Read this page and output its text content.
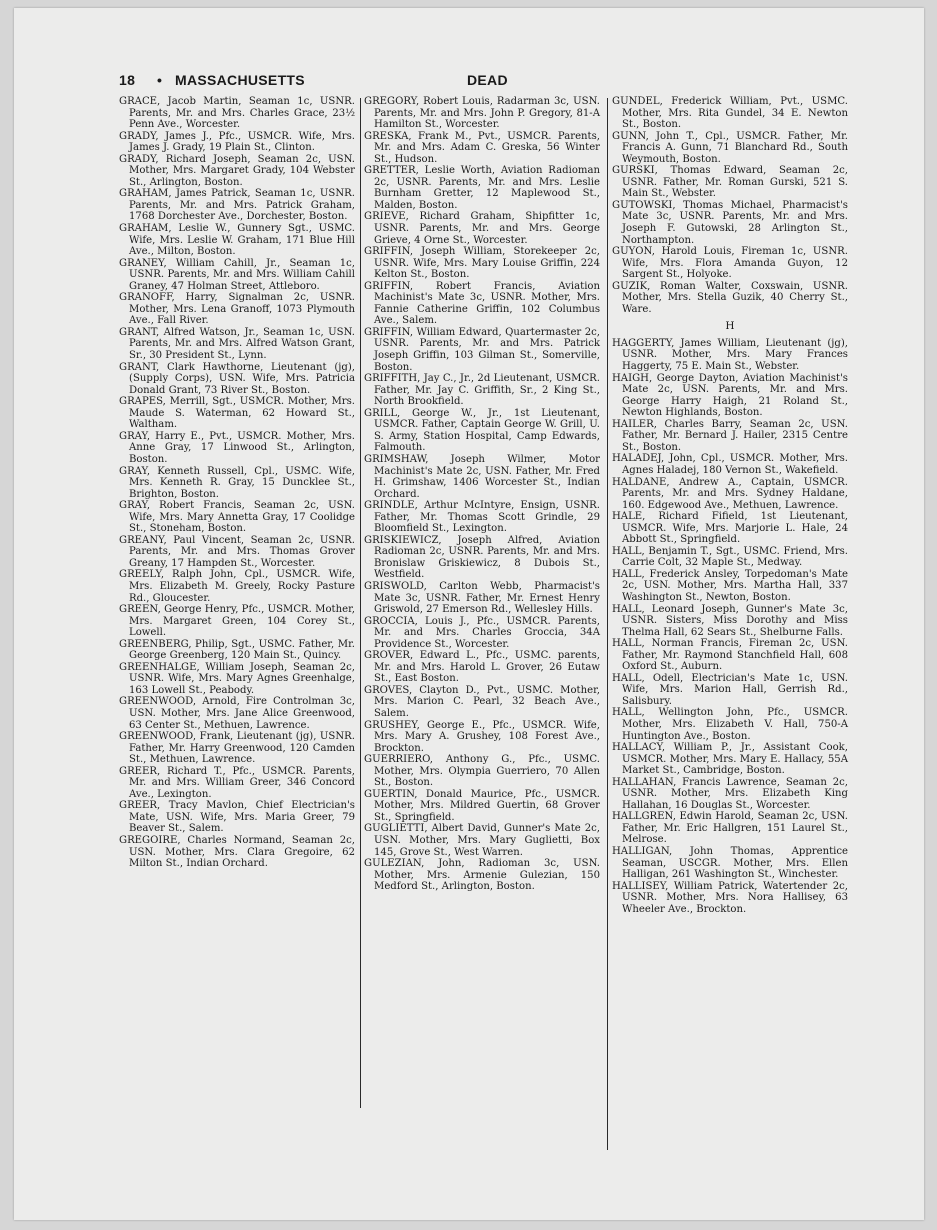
18 • MASSACHUSETTS	DEAD

GRACE, Jacob Martin, Seaman 1c, USNR. Parents, Mr. and Mrs. Charles Grace, 23½ Penn Ave., Worcester.

GRADY, James J., Pfc., USMCR. Wife, Mrs. James J. Grady, 19 Plain St., Clinton.

GRADY, Richard Joseph, Seaman 2c, USN. Mother, Mrs. Margaret Grady, 104 Webster St., Arlington, Boston.

GRAHAM, James Patrick, Seaman 1c, USNR. Parents, Mr. and Mrs. Patrick Graham, 1768 Dorchester Ave., Dorchester, Boston.

GRAHAM, Leslie W., Gunnery Sgt., USMC. Wife, Mrs. Leslie W. Graham, 171 Blue Hill Ave., Milton, Boston.

GRANEY, William Cahill, Jr., Seaman 1c, USNR. Parents, Mr. and Mrs. William Cahill Graney, 47 Holman Street, Attleboro.

GRANOFF, Harry, Signalman 2c, USNR. Mother, Mrs. Lena Granoff, 1073 Plymouth Ave., Fall River.

GRANT, Alfred Watson, Jr., Seaman 1c, USN. Parents, Mr. and Mrs. Alfred Watson Grant, Sr., 30 President St., Lynn.

GRANT, Clark Hawthorne, Lieutenant (jg), (Supply Corps), USN. Wife, Mrs. Patricia Donald Grant, 73 River St., Boston.

GRAPES, Merrill, Sgt., USMCR. Mother, Mrs. Maude S. Waterman, 62 Howard St., Waltham.

GRAY, Harry E., Pvt., USMCR. Mother, Mrs. Anne Gray, 17 Linwood St., Arlington, Boston.

GRAY, Kenneth Russell, Cpl., USMC. Wife, Mrs. Kenneth R. Gray, 15 Duncklee St., Brighton, Boston.

GRAY, Robert Francis, Seaman 2c, USN. Wife, Mrs. Mary Annetta Gray, 17 Coolidge St., Stoneham, Boston.

GREANY, Paul Vincent, Seaman 2c, USNR. Parents, Mr. and Mrs. Thomas Grover Greany, 17 Hampden St., Worcester.

GREELY, Ralph John, Cpl., USMCR. Wife, Mrs. Elizabeth M. Greely, Rocky Pasture Rd., Gloucester.

GREEN, George Henry, Pfc., USMCR. Mother, Mrs. Margaret Green, 104 Corey St., Lowell.

GREENBERG, Philip, Sgt., USMC. Father, Mr. George Greenberg, 120 Main St., Quincy.

GREENHALGE, William Joseph, Seaman 2c, USNR. Wife, Mrs. Mary Agnes Greenhalge, 163 Lowell St., Peabody.

GREENWOOD, Arnold, Fire Controlman 3c, USN. Mother, Mrs. Jane Alice Greenwood, 63 Center St., Methuen, Lawrence.

GREENWOOD, Frank, Lieutenant (jg), USNR. Father, Mr. Harry Greenwood, 120 Camden St., Methuen, Lawrence.

GREER, Richard T., Pfc., USMCR. Parents, Mr. and Mrs. William Greer, 346 Concord Ave., Lexington.

GREER, Tracy Mavlon, Chief Electrician's Mate, USN. Wife, Mrs. Maria Greer, 79 Beaver St., Salem.

GREGOIRE, Charles Normand, Seaman 2c, USN. Mother, Mrs. Clara Gregoire, 62 Milton St., Indian Orchard.

GREGORY, Robert Louis, Radarman 3c, USN. Parents, Mr. and Mrs. John P. Gregory, 81-A Hamilton St., Worcester.

GRESKA, Frank M., Pvt., USMCR. Parents, Mr. and Mrs. Adam C. Greska, 56 Winter St., Hudson.

GRETTER, Leslie Worth, Aviation Radioman 2c, USNR. Parents, Mr. and Mrs. Leslie Burnham Gretter, 12 Maplewood St., Malden, Boston.

GRIEVE, Richard Graham, Shipfitter 1c, USNR. Parents, Mr. and Mrs. George Grieve, 4 Orne St., Worcester.

GRIFFIN, Joseph William, Storekeeper 2c, USNR. Wife, Mrs. Mary Louise Griffin, 224 Kelton St., Boston.

GRIFFIN, Robert Francis, Aviation Machinist's Mate 3c, USNR. Mother, Mrs. Fannie Catherine Griffin, 102 Columbus Ave., Salem.

GRIFFIN, William Edward, Quartermaster 2c, USNR. Parents, Mr. and Mrs. Patrick Joseph Griffin, 103 Gilman St., Somerville, Boston.

GRIFFITH, Jay C., Jr., 2d Lieutenant, USMCR. Father, Mr. Jay C. Griffith, Sr., 2 King St., North Brookfield.

GRILL, George W., Jr., 1st Lieutenant, USMCR. Father, Captain George W. Grill, U. S. Army, Station Hospital, Camp Edwards, Falmouth.

GRIMSHAW, Joseph Wilmer, Motor Machinist's Mate 2c, USN. Father, Mr. Fred H. Grimshaw, 1406 Worcester St., Indian Orchard.

GRINDLE, Arthur McIntyre, Ensign, USNR. Father, Mr. Thomas Scott Grindle, 29 Bloomfield St., Lexington.

GRISKIEWICZ, Joseph Alfred, Aviation Radioman 2c, USNR. Parents, Mr. and Mrs. Bronislaw Griskiewicz, 8 Dubois St., Westfield.

GRISWOLD, Carlton Webb, Pharmacist's Mate 3c, USNR. Father, Mr. Ernest Henry Griswold, 27 Emerson Rd., Wellesley Hills.

GROCCIA, Louis J., Pfc., USMCR. Parents, Mr. and Mrs. Charles Groccia, 34A Providence St., Worcester.

GROVER, Edward L., Pfc., USMC. parents, Mr. and Mrs. Harold L. Grover, 26 Eutaw St., East Boston.

GROVES, Clayton D., Pvt., USMC. Mother, Mrs. Marion C. Pearl, 32 Beach Ave., Salem.

GRUSHEY, George E., Pfc., USMCR. Wife, Mrs. Mary A. Grushey, 108 Forest Ave., Brockton.

GUERRIERO, Anthony G., Pfc., USMC. Mother, Mrs. Olympia Guerriero, 70 Allen St., Boston.

GUERTIN, Donald Maurice, Pfc., USMCR. Mother, Mrs. Mildred Guertin, 68 Grover St., Springfield.

GUGLIETTI, Albert David, Gunner's Mate 2c, USN. Mother, Mrs. Mary Guglietti, Box 145, Grove St., West Warren.

GULEZIAN, John, Radioman 3c, USN. Mother, Mrs. Armenie Gulezian, 150 Medford St., Arlington, Boston.

GUNDEL, Frederick William, Pvt., USMC. Mother, Mrs. Rita Gundel, 34 E. Newton St., Boston.

GUNN, John T., Cpl., USMCR. Father, Mr. Francis A. Gunn, 71 Blanchard Rd., South Weymouth, Boston.

GURSKI, Thomas Edward, Seaman 2c, USNR. Father, Mr. Roman Gurski, 521 S. Main St., Webster.

GUTOWSKI, Thomas Michael, Pharmacist's Mate 3c, USNR. Parents, Mr. and Mrs. Joseph F. Gutowski, 28 Arlington St., Northampton.

GUYON, Harold Louis, Fireman 1c, USNR. Wife, Mrs. Flora Amanda Guyon, 12 Sargent St., Holyoke.

GUZIK, Roman Walter, Coxswain, USNR. Mother, Mrs. Stella Guzik, 40 Cherry St., Ware.

H

HAGGERTY, James William, Lieutenant (jg), USNR. Mother, Mrs. Mary Frances Haggerty, 75 E. Main St., Webster.

HAIGH, George Dayton, Aviation Machinist's Mate 2c, USN. Parents, Mr. and Mrs. George Harry Haigh, 21 Roland St., Newton Highlands, Boston.

HAILER, Charles Barry, Seaman 2c, USN. Father, Mr. Bernard J. Hailer, 2315 Centre St., Boston.

HALADEJ, John, Cpl., USMCR. Mother, Mrs. Agnes Haladej, 180 Vernon St., Wakefield.

HALDANE, Andrew A., Captain, USMCR. Parents, Mr. and Mrs. Sydney Haldane, 160. Edgewood Ave., Methuen, Lawrence.

HALE, Richard Fifield, 1st Lieutenant, USMCR. Wife, Mrs. Marjorie L. Hale, 24 Abbott St., Springfield.

HALL, Benjamin T., Sgt., USMC. Friend, Mrs. Carrie Colt, 32 Maple St., Medway.

HALL, Frederick Ansley, Torpedoman's Mate 2c, USN. Mother, Mrs. Martha Hall, 337 Washington St., Newton, Boston.

HALL, Leonard Joseph, Gunner's Mate 3c, USNR. Sisters, Miss Dorothy and Miss Thelma Hall, 62 Sears St., Shelburne Falls.

HALL, Norman Francis, Fireman 2c, USN. Father, Mr. Raymond Stanchfield Hall, 608 Oxford St., Auburn.

HALL, Odell, Electrician's Mate 1c, USN. Wife, Mrs. Marion Hall, Gerrish Rd., Salisbury.

HALL, Wellington John, Pfc., USMCR. Mother, Mrs. Elizabeth V. Hall, 750-A Huntington Ave., Boston.

HALLACY, William P., Jr., Assistant Cook, USMCR. Mother, Mrs. Mary E. Hallacy, 55A Market St., Cambridge, Boston.

HALLAHAN, Francis Lawrence, Seaman 2c, USNR. Mother, Mrs. Elizabeth King Hallahan, 16 Douglas St., Worcester.

HALLGREN, Edwin Harold, Seaman 2c, USN. Father, Mr. Eric Hallgren, 151 Laurel St., Melrose.

HALLIGAN, John Thomas, Apprentice Seaman, USCGR. Mother, Mrs. Ellen Halligan, 261 Washington St., Winchester.

HALLISEY, William Patrick, Watertender 2c, USNR. Mother, Mrs. Nora Hallisey, 63 Wheeler Ave., Brockton.
